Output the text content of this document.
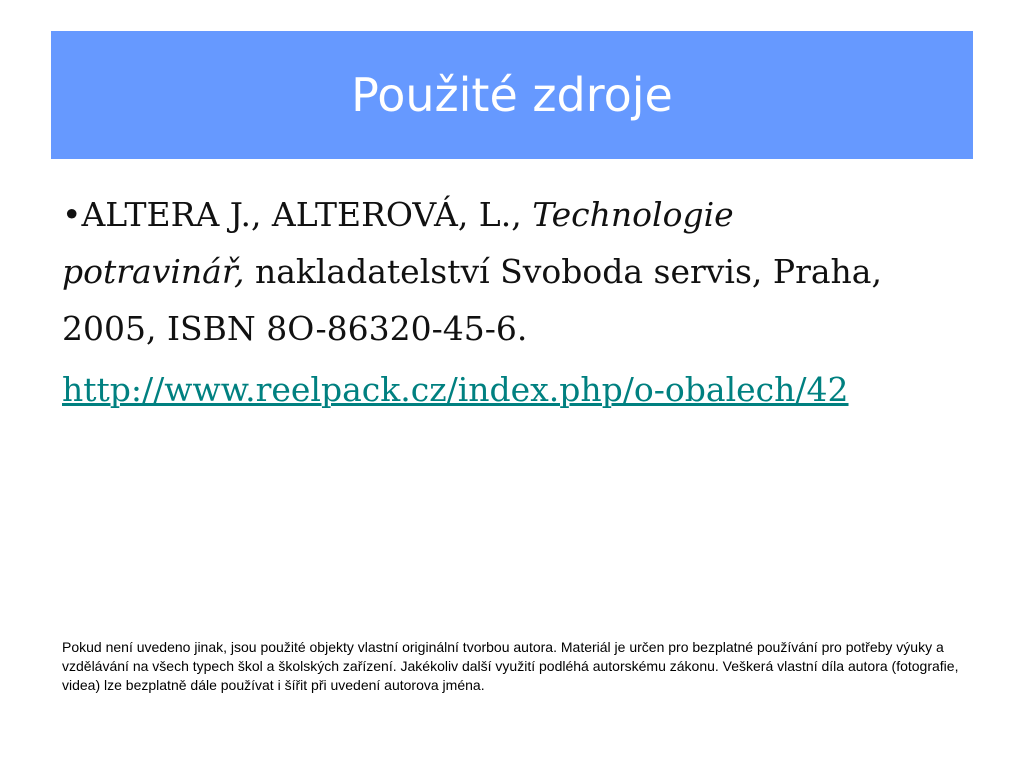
Použité zdroje

•ALTERA J., ALTEROVÁ, L., Technologie potravinář, nakladatelství Svoboda servis, Praha, 2005, ISBN 8O-86320-45-6.

http://www.reelpack.cz/index.php/o-obalech/42

Pokud není uvedeno jinak, jsou použité objekty vlastní originální tvorbou autora. Materiál je určen pro bezplatné používání pro potřeby výuky a vzdělávání na všech typech škol a školských zařízení. Jakékoliv další využití podléhá autorskému zákonu. Veškerá vlastní díla autora (fotografie, videa) lze bezplatně dále používat i šířit při uvedení autorova jména.
